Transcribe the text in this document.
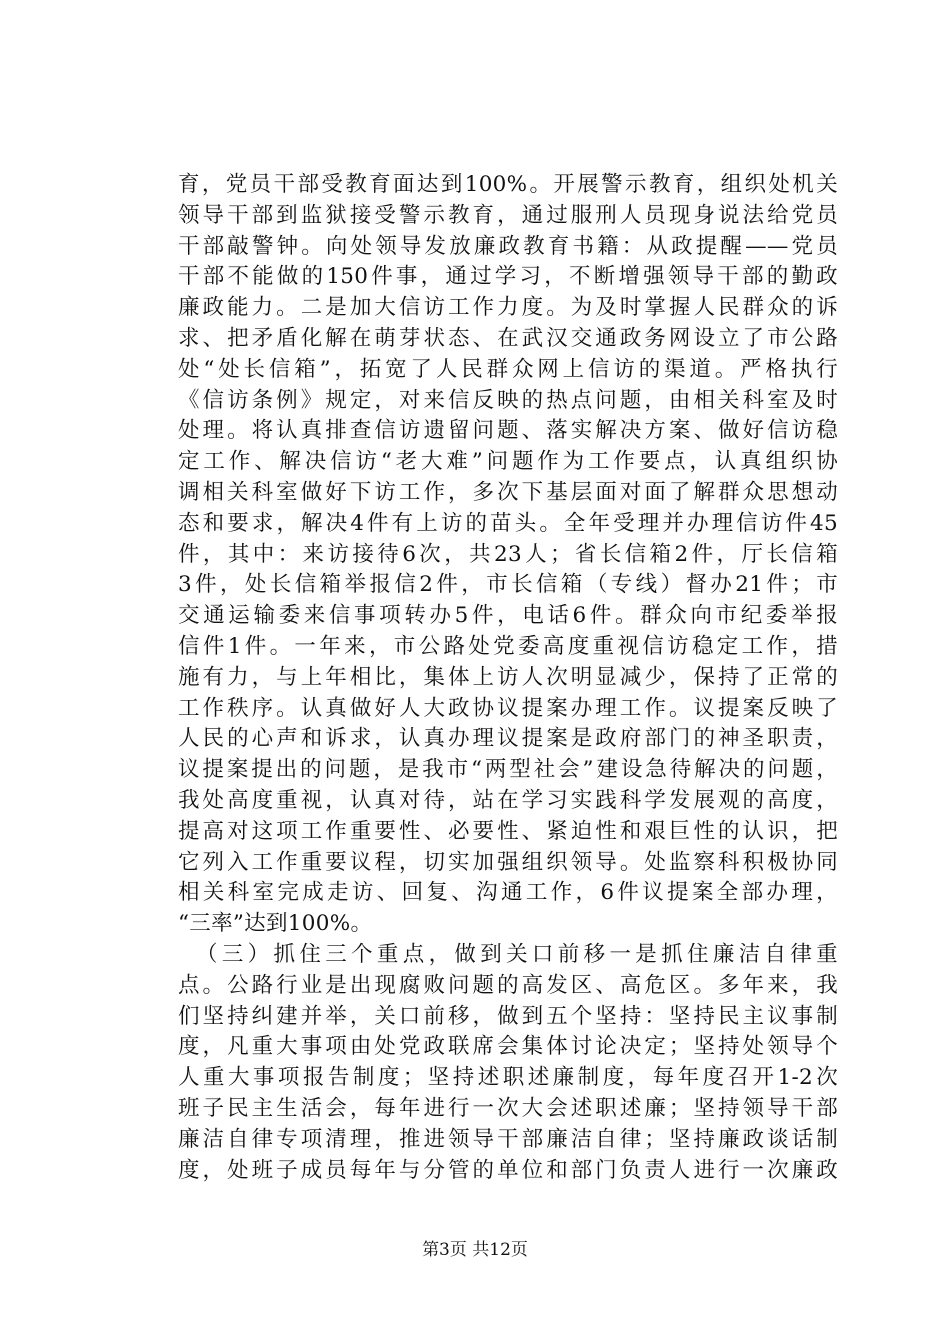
育，党员干部受教育面达到100%。开展警示教育，组织处机关
领导干部到监狱接受警示教育，通过服刑人员现身说法给党员
干部敲警钟。向处领导发放廉政教育书籍：从政提醒——党员
干部不能做的150件事，通过学习，不断增强领导干部的勤政
廉政能力。二是加大信访工作力度。为及时掌握人民群众的诉
求、把矛盾化解在萌芽状态、在武汉交通政务网设立了市公路
处“处长信箱”，拓宽了人民群众网上信访的渠道。严格执行
《信访条例》规定，对来信反映的热点问题，由相关科室及时
处理。将认真排查信访遗留问题、落实解决方案、做好信访稳
定工作、解决信访“老大难”问题作为工作要点，认真组织协
调相关科室做好下访工作，多次下基层面对面了解群众思想动
态和要求，解决4件有上访的苗头。全年受理并办理信访件45
件，其中：来访接待6次，共23人；省长信箱2件，厅长信箱
3件，处长信箱举报信2件，市长信箱（专线）督办21件；市
交通运输委来信事项转办5件，电话6件。群众向市纪委举报
信件1件。一年来，市公路处党委高度重视信访稳定工作，措
施有力，与上年相比，集体上访人次明显减少，保持了正常的
工作秩序。认真做好人大政协议提案办理工作。议提案反映了
人民的心声和诉求，认真办理议提案是政府部门的神圣职责，
议提案提出的问题，是我市“两型社会”建设急待解决的问题，
我处高度重视，认真对待，站在学习实践科学发展观的高度，
提高对这项工作重要性、必要性、紧迫性和艰巨性的认识，把
它列入工作重要议程，切实加强组织领导。处监察科积极协同
相关科室完成走访、回复、沟通工作，6件议提案全部办理，
“三率”达到100%。
（三）抓住三个重点，做到关口前移一是抓住廉洁自律重
点。公路行业是出现腐败问题的高发区、高危区。多年来，我
们坚持纠建并举，关口前移，做到五个坚持：坚持民主议事制
度，凡重大事项由处党政联席会集体讨论决定；坚持处领导个
人重大事项报告制度；坚持述职述廉制度，每年度召开1-2次
班子民主生活会，每年进行一次大会述职述廉；坚持领导干部
廉洁自律专项清理，推进领导干部廉洁自律；坚持廉政谈话制
度，处班子成员每年与分管的单位和部门负责人进行一次廉政
第3页 共12页
